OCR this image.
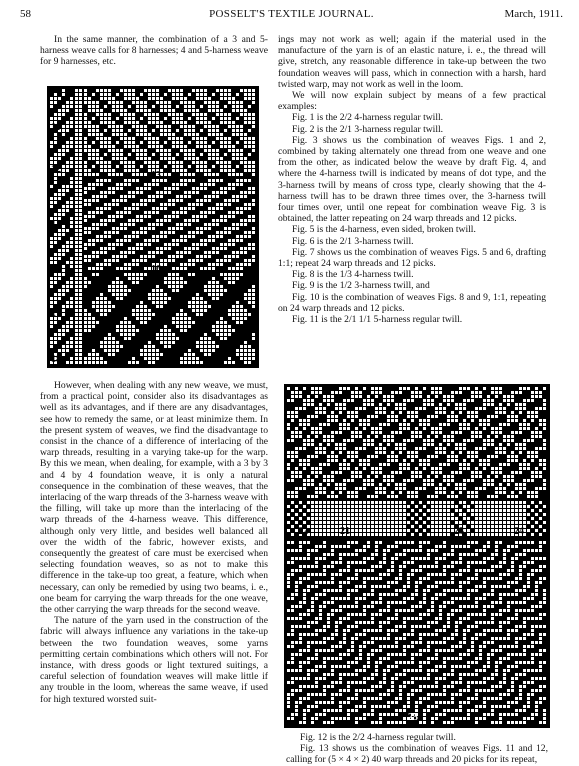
58	POSSELT'S TEXTILE JOURNAL.	March, 1911.

In the same manner, the combination of a 3 and 5-harness weave calls for 8 harnesses; 4 and 5-harness weave for 9 harnesses, etc.

11
12
13
14
15	16
17
18	19

However, when dealing with any new weave, we must, from a practical point, consider also its disadvantages as well as its advantages, and if there are any disadvantages, see how to remedy the same, or at least minimize them. In the present system of weaves, we find the disadvantage to consist in the chance of a difference of interlacing of the warp threads, resulting in a varying take-up for the warp. By this we mean, when dealing, for example, with a 3 by 3 and 4 by 4 foundation weave, it is only a natural consequence in the combination of these weaves, that the interlacing of the warp threads of the 3-harness weave with the filling, will take up more than the interlacing of the warp threads of the 4-harness weave. This difference, although only very little, and besides well balanced all over the width of the fabric, however exists, and consequently the greatest of care must be exercised when selecting foundation weaves, so as not to make this difference in the take-up too great, a feature, which when necessary, can only be remedied by using two beams, i. e., one beam for carrying the warp threads for the one weave, the other carrying the warp threads for the second weave.

The nature of the yarn used in the construction of the fabric will always influence any variations in the take-up between the two foundation weaves, some yarns permitting certain combinations which others will not. For instance, with dress goods or light textured suitings, a careful selection of foundation weaves will make little if any trouble in the loom, whereas the same weave, if used for high textured worsted suit-

ings may not work as well; again if the material used in the manufacture of the yarn is of an elastic nature, i. e., the thread will give, stretch, any reasonable difference in take-up between the two foundation weaves will pass, which in connection with a harsh, hard twisted warp, may not work as well in the loom.

We will now explain subject by means of a few practical examples:

Fig. 1 is the 2/2 4-harness regular twill.

Fig. 2 is the 2/1 3-harness regular twill.

Fig. 3 shows us the combination of weaves Figs. 1 and 2, combined by taking alternately one thread from one weave and one from the other, as indicated below the weave by draft Fig. 4, and where the 4-harness twill is indicated by means of dot type, and the 3-harness twill by means of cross type, clearly showing that the 4-harness twill has to be drawn three times over, the 3-harness twill four times over, until one repeat for combination weave Fig. 3 is obtained, the latter repeating on 24 warp threads and 12 picks.

Fig. 5 is the 4-harness, even sided, broken twill.

Fig. 6 is the 2/1 3-harness twill.

Fig. 7 shows us the combination of weaves Figs. 5 and 6, drafting 1:1; repeat 24 warp threads and 12 picks.

Fig. 8 is the 1/3 4-harness twill.

Fig. 9 is the 1/2 3-harness twill, and

Fig. 10 is the combination of weaves Figs. 8 and 9, 1:1, repeating on 24 warp threads and 12 picks.

Fig. 11 is the 2/1 1/1 5-harness regular twill.

22	21	23	24
25

Fig. 12 is the 2/2 4-harness regular twill.

Fig. 13 shows us the combination of weaves Figs. 11 and 12, calling for (5 × 4 × 2) 40 warp threads and 20 picks for its repeat,
